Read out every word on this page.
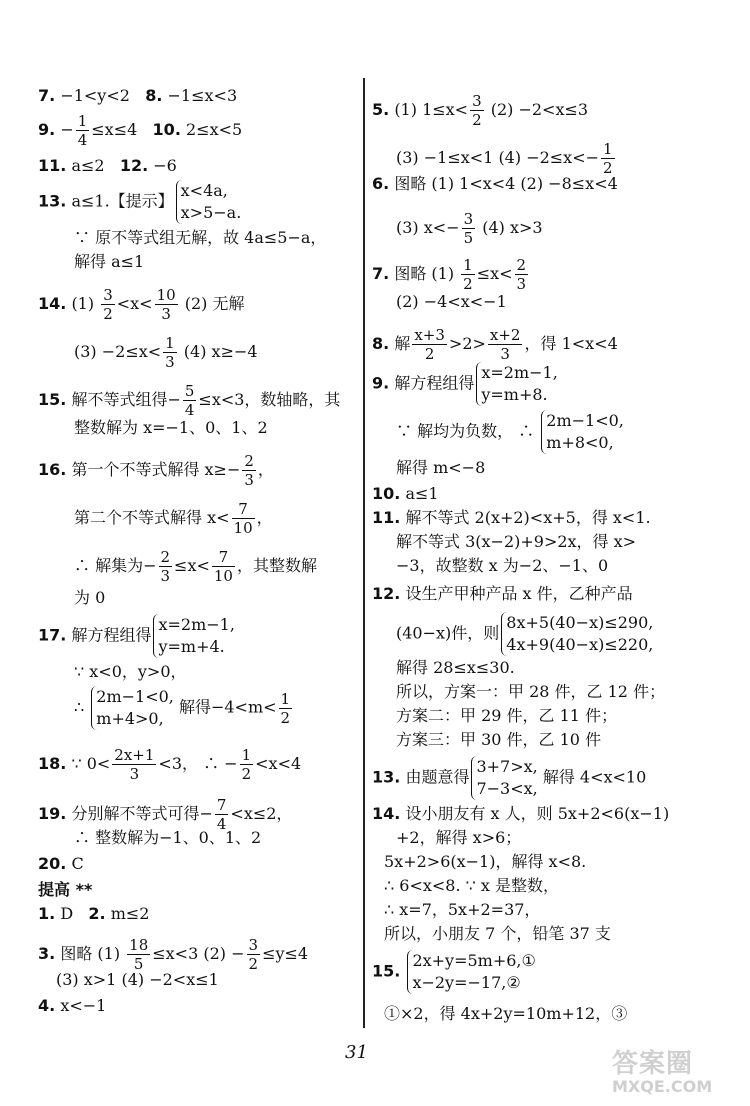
7. −1<y<2 8. −1≤x<3
9. − $\frac{1}{4} \le x\le 4$ 10. 2≤x<5
11. a≤2 12. −6
13. a≤1.【提示】
x<4a,
x>5−a.
∵ 原不等式组无解，故 4a≤5−a，
解得 a≤1
14. $(1) \frac{3}{2} <x< \frac{10}{3} (2)$ 无解
$(3) -2\le x< \frac{1}{3} (4)$ x≥−4
15. 解不等式组得− $\frac{5}{4} \le x<3$，数轴略，其
整数解为 x=−1、0、1、2
16. 第一个不等式解得 $x\ge- \frac{2}{3}$ ，
第二个不等式解得 $x< \frac{7}{10}$ ，
∴ 解集为− $\frac{2}{3} \le x< \frac{7}{10}$ ，其整数解
为 0
17. 解方程组得
x=2m−1,
y=m+4.
∵ x<0，y>0，
∴
2m−1<0,
m+4>0,
解得$-4<m< \frac{1}{2}$
18. ∵ $0< \frac{2x+1}{3} <3$， ∴ − $\frac{1}{2} <x<4$
19. 分别解不等式可得− $\frac{7}{4} <x\le 2$，
∴ 整数解为−1、0、1、2
20. C
提高 **
1. D 2. m≤2
3. 图略 $(1) \frac{18}{5} \le x<3$ $(2) - \frac{3}{2} \le y\le 4$
(3) x>1 (4) −2<x≤1
4. x<−1
5. (1) $1\le x< \frac{3}{2} (2) -2<x\le 3$
(3) −1≤x<1 $(4) -2\le x<- \frac{1}{2}$
6. 图略 (1) 1<x<4 (2) −8≤x<4
(3) $x<- \frac{3}{5} (4)$ x>3
7. 图略 $(1) \frac{1}{2} \le x< \frac{2}{3}$
(2) −4<x<−1
8. 解 $\frac{x+3}{2} >2> \frac{x+2}{3}$ ，得 1<x<4
9. 解方程组得
x=2m−1,
y=m+8.
∵ 解均为负数， ∴
2m−1<0,
m+8<0,
解得 m<−8
10. a≤1
11. 解不等式 2(x+2)<x+5，得 x<1.
解不等式 3(x−2)+9>2x，得 x>
−3，故整数 x 为−2、−1、0
12. 设生产甲种产品 x 件，乙种产品
(40−x)件，则
8x+5(40−x)≤290,
4x+9(40−x)≤220,
解得 28≤x≤30.
所以，方案一：甲 28 件，乙 12 件；
方案二：甲 29 件，乙 11 件；
方案三：甲 30 件，乙 10 件
13. 由题意得
3+7>x,
7−3<x,
解得 4<x<10
14. 设小朋友有 x 人，则 5x+2<6(x−1)
+2，解得 x>6；
5x+2>6(x−1)，解得 x<8.
∴ 6<x<8. ∵ x 是整数，
∴ x=7，5x+2=37，
所以，小朋友 7 个，铅笔 37 支
15.
2x+y=5m+6,①
x−2y=−17,②
①×2，得 4x+2y=10m+12，③
31	答案圈
MXQE.COM
